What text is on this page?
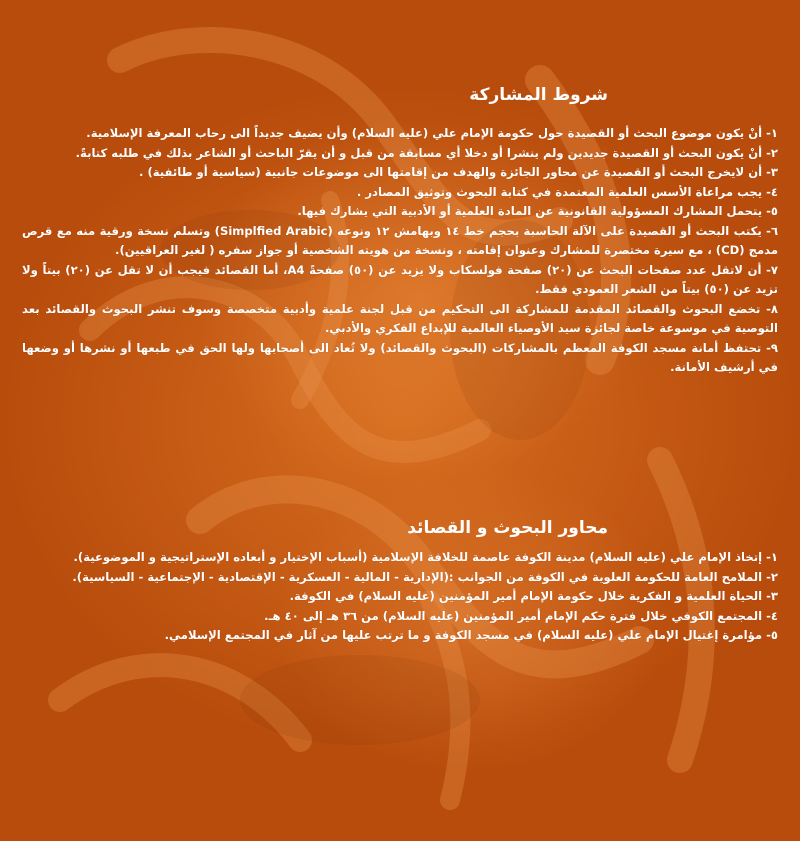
شروط المشاركة
١- أنْ يكون موضوع البحث أو القصيدة حول حكومة الإمام علي (عليه السلام) وأن يضيف جديداً الى رحاب المعرفة الإسلامية.
٢- أنْ يكون البحث أو القصيدة جديدين ولم ينشرا أو دخلا أي مسابقة من قبل و أن يقرّ الباحث أو الشاعر بذلك في طلبه كتابةً.
٣- أن لايخرج البحث أو القصيدة عن محاور الجائزة والهدف من إقامتها الى موضوعات جانبية (سياسية أو طائفية) .
٤- يجب مراعاة الأسس العلمية المعتمدة في كتابة البحوث وتوثيق المصادر .
٥- يتحمل المشارك المسؤولية القانونية عن المادة العلمية أو الأدبية التي يشارك فيها.
٦- يكتب البحث أو القصيدة على الآلة الحاسبة بحجم خط ١٤ وبهامش ١٢ ونوعه (Simplfied Arabic) وتسلم نسخة ورقية منه مع قرص مدمج (CD) ، مع سيرة مختصرة للمشارك وعنوان إقامته ، ونسخة من هويته الشخصية أو جواز سفره ( لغير العراقيين).
٧- أن لاتقل عدد صفحات البحث عن (٢٠) صفحة فولسكاب ولا يزيد عن (٥٠) صفحةً A4، أما القصائد فيجب أن لا تقل عن (٢٠) بيتاً ولا تزيد عن (٥٠) بيتاً من الشعر العمودي فقط.
٨- تخضع البحوث والقصائد المقدمة للمشاركة الى التحكيم من قبل لجنة علمية وأدبية متخصصة وسوف تنشر البحوث والقصائد بعد التوصية في موسوعة خاصة لجائزة سيد الأوصياء العالمية للإبداع الفكري والأدبي.
٩- تحتفظ أمانة مسجد الكوفة المعظم بالمشاركات (البحوث والقصائد) ولا تُعاد الى أصحابها ولها الحق في طبعها أو نشرها أو وضعها في أرشيف الأمانة.
محاور البحوث و القصائد
١- إتخاذ الإمام علي (عليه السلام) مدينة الكوفة عاصمة للخلافة الإسلامية (أسباب الإختيار و أبعاده الإستراتيجية و الموضوعية).
٢- الملامح العامة للحكومة العلوية في الكوفة من الجوانب :(الإدارية - المالية - العسكرية - الإقتصادية - الإجتماعية - السياسية).
٣- الحياة العلمية و الفكرية خلال حكومة الإمام أمير المؤمنين (عليه السلام) في الكوفة.
٤- المجتمع الكوفي خلال فترة حكم الإمام أمير المؤمنين (عليه السلام) من ٣٦ هـ إلى ٤٠ هـ.
٥- مؤامرة إغتيال الإمام علي (عليه السلام) في مسجد الكوفة و ما ترتب عليها من آثار في المجتمع الإسلامي.
